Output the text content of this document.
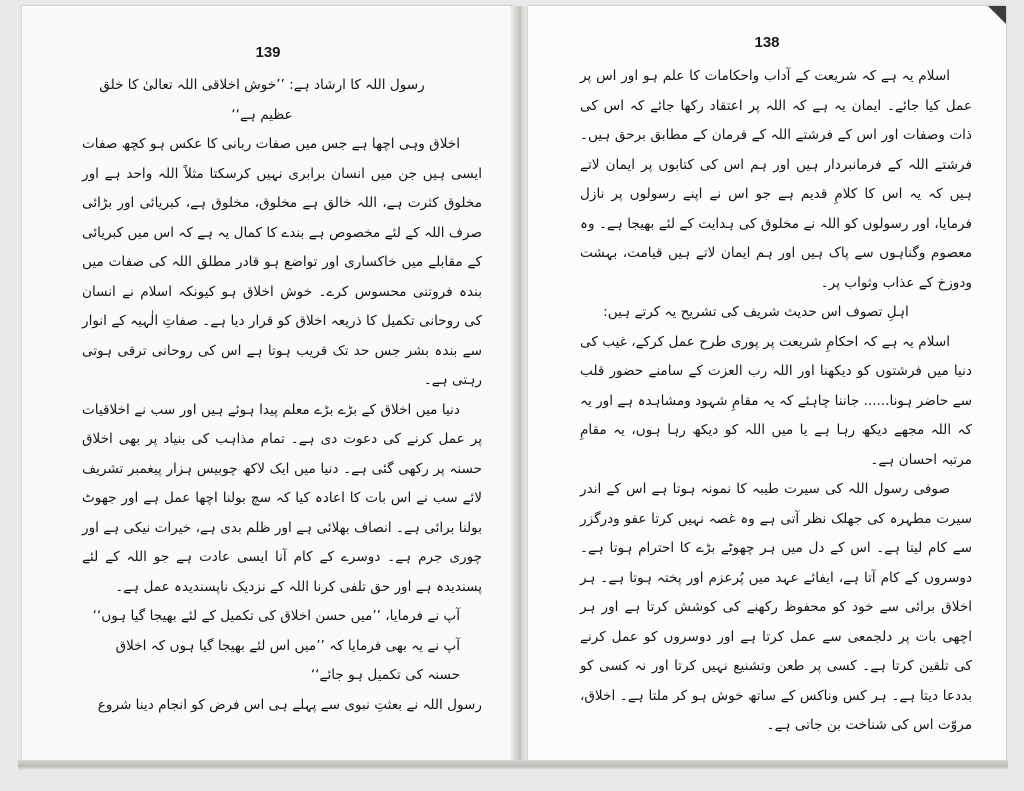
139

رسول اللہ کا ارشاد ہے: ’’خوش اخلاقی اللہ تعالیٰ کا خلق عظیم ہے‘‘

اخلاق وہی اچھا ہے جس میں صفات ربانی کا عکس ہو کچھ صفات ایسی ہیں جن میں انسان برابری نہیں کرسکتا مثلاً اللہ واحد ہے اور مخلوق کثرت ہے، اللہ خالق ہے مخلوق، مخلوق ہے، کبریائی اور بڑائی صرف اللہ کے لئے مخصوص ہے بندے کا کمال یہ ہے کہ اس میں کبریائی کے مقابلے میں خاکساری اور تواضع ہو قادر مطلق اللہ کی صفات میں بندہ فروتنی محسوس کرے۔ خوش اخلاق ہو کیونکہ اسلام نے انسان کی روحانی تکمیل کا ذریعہ اخلاق کو قرار دیا ہے۔ صفاتِ الٰہیہ کے انوار سے بندہ بشر جس حد تک قریب ہوتا ہے اس کی روحانی ترقی ہوتی رہتی ہے۔

دنیا میں اخلاق کے بڑے بڑے معلم پیدا ہوئے ہیں اور سب نے اخلاقیات پر عمل کرنے کی دعوت دی ہے۔ تمام مذاہب کی بنیاد پر بھی اخلاق حسنہ پر رکھی گئی ہے۔ دنیا میں ایک لاکھ چوبیس ہزار پیغمبر تشریف لائے سب نے اس بات کا اعادہ کیا کہ سچ بولنا اچھا عمل ہے اور جھوٹ بولنا برائی ہے۔ انصاف بھلائی ہے اور ظلم بدی ہے، خیرات نیکی ہے اور چوری جرم ہے۔ دوسرے کے کام آنا ایسی عادت ہے جو اللہ کے لئے پسندیدہ ہے اور حق تلفی کرنا اللہ کے نزدیک ناپسندیدہ عمل ہے۔

آپ نے فرمایا، ’’میں حسن اخلاق کی تکمیل کے لئے بھیجا گیا ہوں‘‘

آپ نے یہ بھی فرمایا کہ ’’میں اس لئے بھیجا گیا ہوں کہ اخلاق حسنہ کی تکمیل ہو جائے‘‘

رسول اللہ نے بعثتِ نبوی سے پہلے ہی اس فرض کو انجام دینا شروع

138

اسلام یہ ہے کہ شریعت کے آداب واحکامات کا علم ہو اور اس پر عمل کیا جائے۔ ایمان یہ ہے کہ اللہ پر اعتقاد رکھا جائے کہ اس کی ذات وصفات اور اس کے فرشتے اللہ کے فرمان کے مطابق برحق ہیں۔ فرشتے اللہ کے فرمانبردار ہیں اور ہم اس کی کتابوں پر ایمان لاتے ہیں کہ یہ اس کا کلامِ قدیم ہے جو اس نے اپنے رسولوں پر نازل فرمایا، اور رسولوں کو اللہ نے مخلوق کی ہدایت کے لئے بھیجا ہے۔ وہ معصوم وگناہوں سے پاک ہیں اور ہم ایمان لاتے ہیں قیامت، بہشت ودوزخ کے عذاب وثواب پر۔

اہلِ تصوف اس حدیث شریف کی تشریح یہ کرتے ہیں:

اسلام یہ ہے کہ احکامِ شریعت پر پوری طرح عمل کرکے، غیب کی دنیا میں فرشتوں کو دیکھنا اور اللہ رب العزت کے سامنے حضور قلب سے حاضر ہونا...... جاننا چاہئے کہ یہ مقامِ شہود ومشاہدہ ہے اور یہ کہ اللہ مجھے دیکھ رہا ہے یا میں اللہ کو دیکھ رہا ہوں، یہ مقامِ مرتبہ احسان ہے۔

صوفی رسول اللہ کی سیرت طیبہ کا نمونہ ہوتا ہے اس کے اندر سیرت مطہرہ کی جھلک نظر آتی ہے وہ غصہ نہیں کرتا عفو ودرگزر سے کام لیتا ہے۔ اس کے دل میں ہر چھوٹے بڑے کا احترام ہوتا ہے۔ دوسروں کے کام آتا ہے، ایفائے عہد میں پُرعزم اور پختہ ہوتا ہے۔ ہر اخلاق برائی سے خود کو محفوظ رکھنے کی کوشش کرتا ہے اور ہر اچھی بات پر دلجمعی سے عمل کرتا ہے اور دوسروں کو عمل کرنے کی تلقین کرتا ہے۔ کسی پر طعن وتشنیع نہیں کرتا اور نہ کسی کو بددعا دیتا ہے۔ ہر کس وناکس کے ساتھ خوش ہو کر ملتا ہے۔ اخلاق، مروّت اس کی شناخت بن جاتی ہے۔
